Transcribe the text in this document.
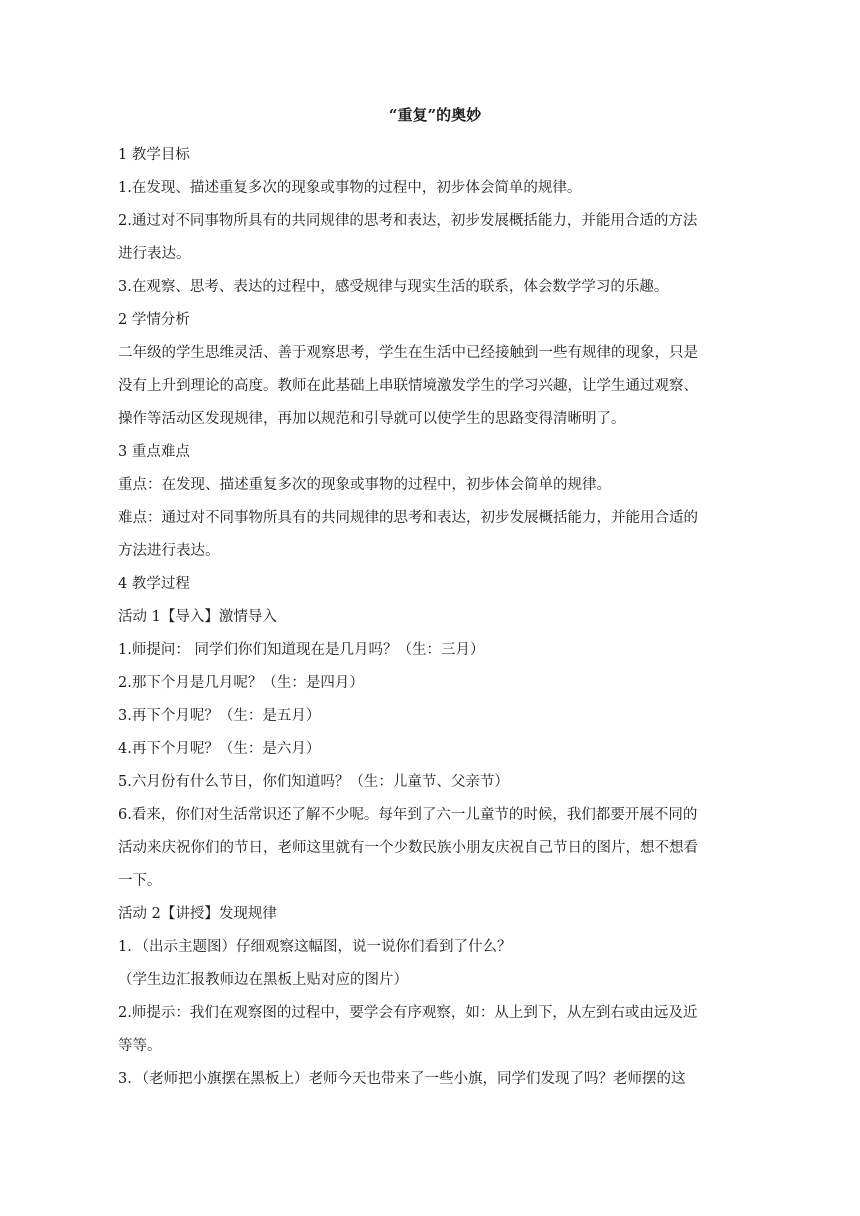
“重复”的奥妙
1 教学目标
1.在发现、描述重复多次的现象或事物的过程中，初步体会简单的规律。
2.通过对不同事物所具有的共同规律的思考和表达，初步发展概括能力，并能用合适的方法
进行表达。
3.在观察、思考、表达的过程中，感受规律与现实生活的联系，体会数学学习的乐趣。
2 学情分析
二年级的学生思维灵活、善于观察思考，学生在生活中已经接触到一些有规律的现象，只是
没有上升到理论的高度。教师在此基础上串联情境激发学生的学习兴趣，让学生通过观察、
操作等活动区发现规律，再加以规范和引导就可以使学生的思路变得清晰明了。
3 重点难点
重点：在发现、描述重复多次的现象或事物的过程中，初步体会简单的规律。
难点：通过对不同事物所具有的共同规律的思考和表达，初步发展概括能力，并能用合适的
方法进行表达。
4 教学过程
活动 1【导入】激情导入
1.师提问： 同学们你们知道现在是几月吗？（生：三月）
2.那下个月是几月呢？（生：是四月）
3.再下个月呢？（生：是五月）
4.再下个月呢？（生：是六月）
5.六月份有什么节日，你们知道吗？（生：儿童节、父亲节）
6.看来，你们对生活常识还了解不少呢。每年到了六一儿童节的时候，我们都要开展不同的
活动来庆祝你们的节日，老师这里就有一个少数民族小朋友庆祝自己节日的图片，想不想看
一下。
活动 2【讲授】发现规律
1．（出示主题图）仔细观察这幅图，说一说你们看到了什么？
（学生边汇报教师边在黑板上贴对应的图片）
2.师提示：我们在观察图的过程中，要学会有序观察，如：从上到下，从左到右或由远及近
等等。
3．（老师把小旗摆在黑板上）老师今天也带来了一些小旗，同学们发现了吗？老师摆的这
